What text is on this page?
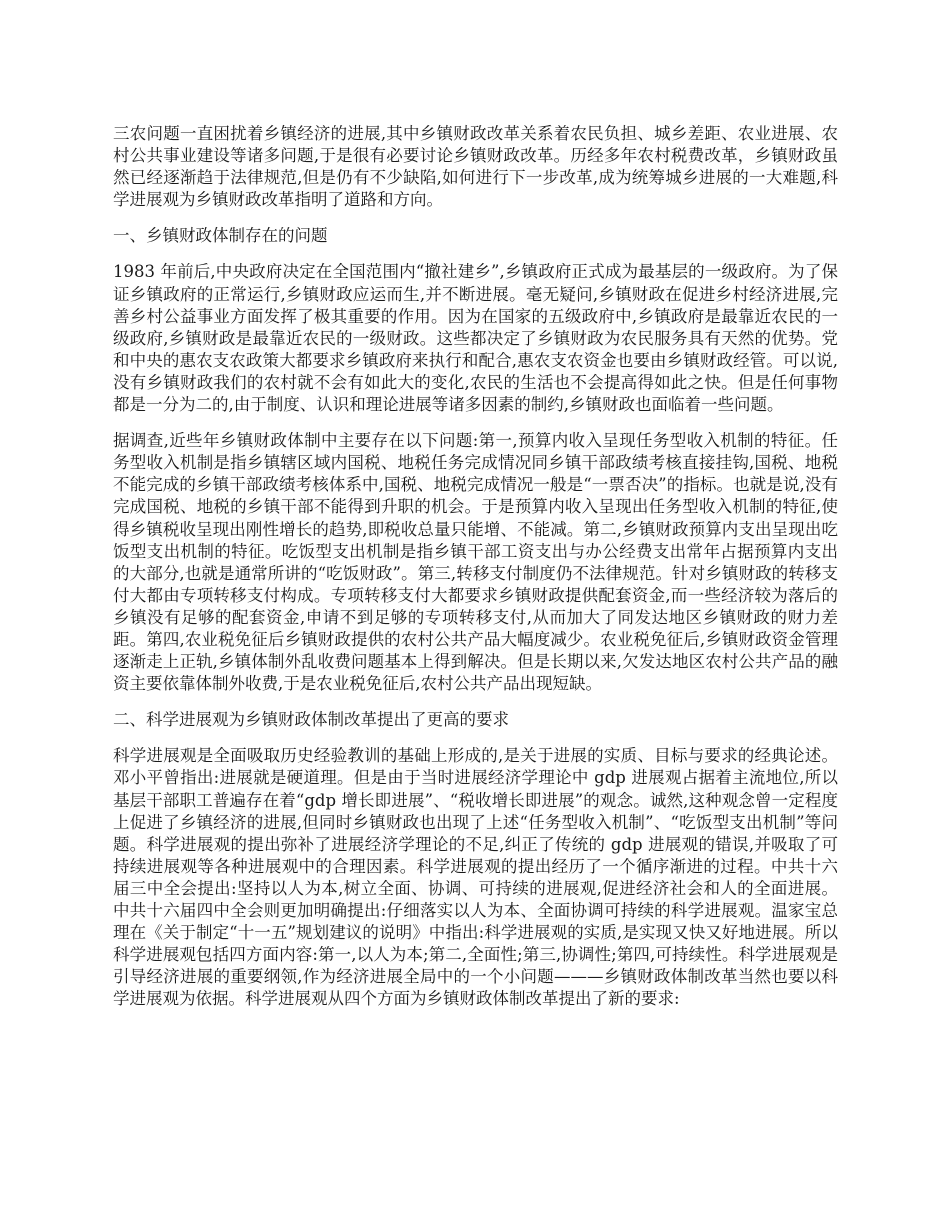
三农问题一直困扰着乡镇经济的进展,其中乡镇财政改革关系着农民负担、城乡差距、农业进展、农村公共事业建设等诸多问题,于是很有必要讨论乡镇财政改革。历经多年农村税费改革，乡镇财政虽然已经逐渐趋于法律规范,但是仍有不少缺陷,如何进行下一步改革,成为统筹城乡进展的一大难题,科学进展观为乡镇财政改革指明了道路和方向。

一、乡镇财政体制存在的问题

1983 年前后,中央政府决定在全国范围内“撤社建乡”,乡镇政府正式成为最基层的一级政府。为了保证乡镇政府的正常运行,乡镇财政应运而生,并不断进展。毫无疑问,乡镇财政在促进乡村经济进展,完善乡村公益事业方面发挥了极其重要的作用。因为在国家的五级政府中,乡镇政府是最靠近农民的一级政府,乡镇财政是最靠近农民的一级财政。这些都决定了乡镇财政为农民服务具有天然的优势。党和中央的惠农支农政策大都要求乡镇政府来执行和配合,惠农支农资金也要由乡镇财政经管。可以说,没有乡镇财政我们的农村就不会有如此大的变化,农民的生活也不会提高得如此之快。但是任何事物都是一分为二的,由于制度、认识和理论进展等诸多因素的制约,乡镇财政也面临着一些问题。

据调查,近些年乡镇财政体制中主要存在以下问题:第一,预算内收入呈现任务型收入机制的特征。任务型收入机制是指乡镇辖区域内国税、地税任务完成情况同乡镇干部政绩考核直接挂钩,国税、地税不能完成的乡镇干部政绩考核体系中,国税、地税完成情况一般是“一票否决”的指标。也就是说,没有完成国税、地税的乡镇干部不能得到升职的机会。于是预算内收入呈现出任务型收入机制的特征,使得乡镇税收呈现出刚性增长的趋势,即税收总量只能增、不能减。第二,乡镇财政预算内支出呈现出吃饭型支出机制的特征。吃饭型支出机制是指乡镇干部工资支出与办公经费支出常年占据预算内支出的大部分,也就是通常所讲的“吃饭财政”。第三,转移支付制度仍不法律规范。针对乡镇财政的转移支付大都由专项转移支付构成。专项转移支付大都要求乡镇财政提供配套资金,而一些经济较为落后的乡镇没有足够的配套资金,申请不到足够的专项转移支付,从而加大了同发达地区乡镇财政的财力差距。第四,农业税免征后乡镇财政提供的农村公共产品大幅度减少。农业税免征后,乡镇财政资金管理逐渐走上正轨,乡镇体制外乱收费问题基本上得到解决。但是长期以来,欠发达地区农村公共产品的融资主要依靠体制外收费,于是农业税免征后,农村公共产品出现短缺。

二、科学进展观为乡镇财政体制改革提出了更高的要求

科学进展观是全面吸取历史经验教训的基础上形成的,是关于进展的实质、目标与要求的经典论述。邓小平曾指出:进展就是硬道理。但是由于当时进展经济学理论中 gdp 进展观占据着主流地位,所以基层干部职工普遍存在着“gdp 增长即进展”、“税收增长即进展”的观念。诚然,这种观念曾一定程度上促进了乡镇经济的进展,但同时乡镇财政也出现了上述“任务型收入机制”、“吃饭型支出机制”等问题。科学进展观的提出弥补了进展经济学理论的不足,纠正了传统的 gdp 进展观的错误,并吸取了可持续进展观等各种进展观中的合理因素。科学进展观的提出经历了一个循序渐进的过程。中共十六届三中全会提出:坚持以人为本,树立全面、协调、可持续的进展观,促进经济社会和人的全面进展。中共十六届四中全会则更加明确提出:仔细落实以人为本、全面协调可持续的科学进展观。温家宝总理在《关于制定“十一五”规划建议的说明》中指出:科学进展观的实质,是实现又快又好地进展。所以科学进展观包括四方面内容:第一,以人为本;第二,全面性;第三,协调性;第四,可持续性。科学进展观是引导经济进展的重要纲领,作为经济进展全局中的一个小问题———乡镇财政体制改革当然也要以科学进展观为依据。科学进展观从四个方面为乡镇财政体制改革提出了新的要求:
